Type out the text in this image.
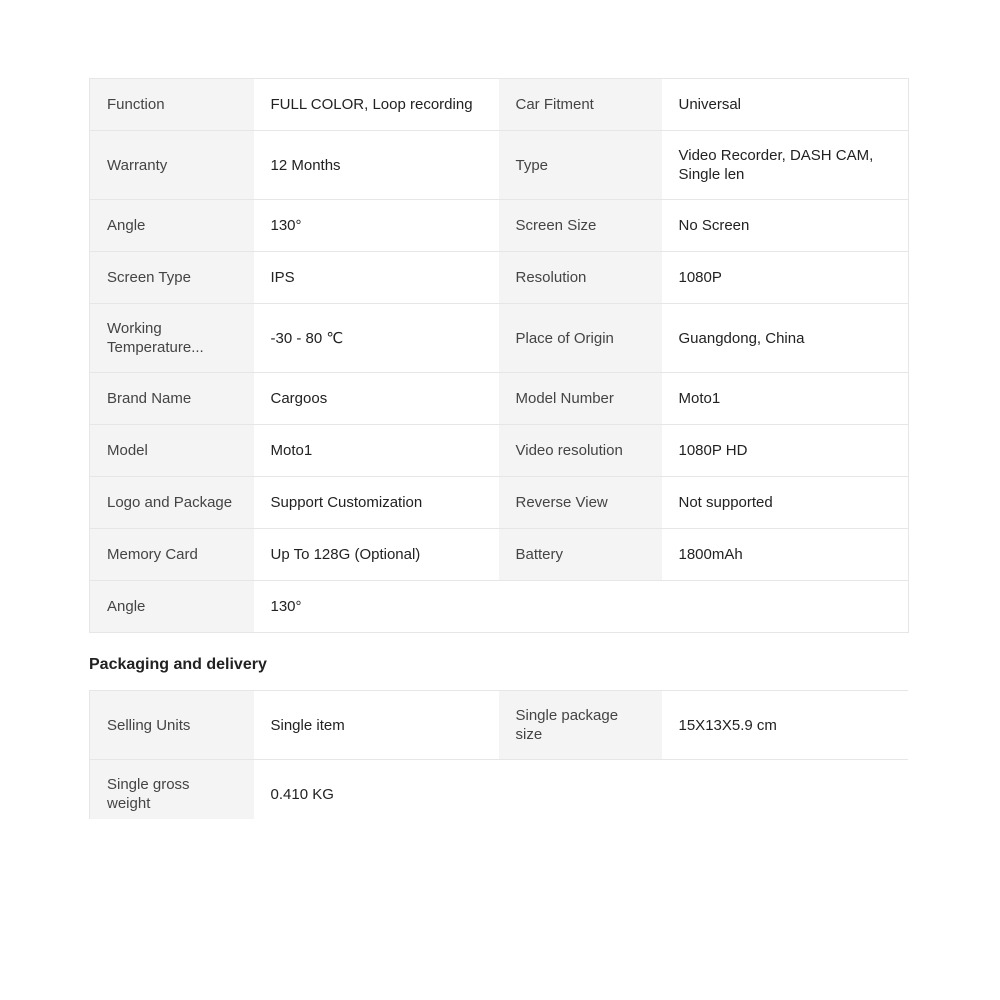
Function	FULL COLOR, Loop recording	Car Fitment	Universal
Warranty	12 Months	Type	Video Recorder, DASH CAM, Single len
Angle	130°	Screen Size	No Screen
Screen Type	IPS	Resolution	1080P
Working Temperature...	-30 - 80 ℃	Place of Origin	Guangdong, China
Brand Name	Cargoos	Model Number	Moto1
Model	Moto1	Video resolution	1080P HD
Logo and Package	Support Customization	Reverse View	Not supported
Memory Card	Up To 128G (Optional)	Battery	1800mAh
Angle	130°		
Packaging and delivery
Selling Units	Single item	Single package size	15X13X5.9 cm
Single gross weight	0.410 KG		
